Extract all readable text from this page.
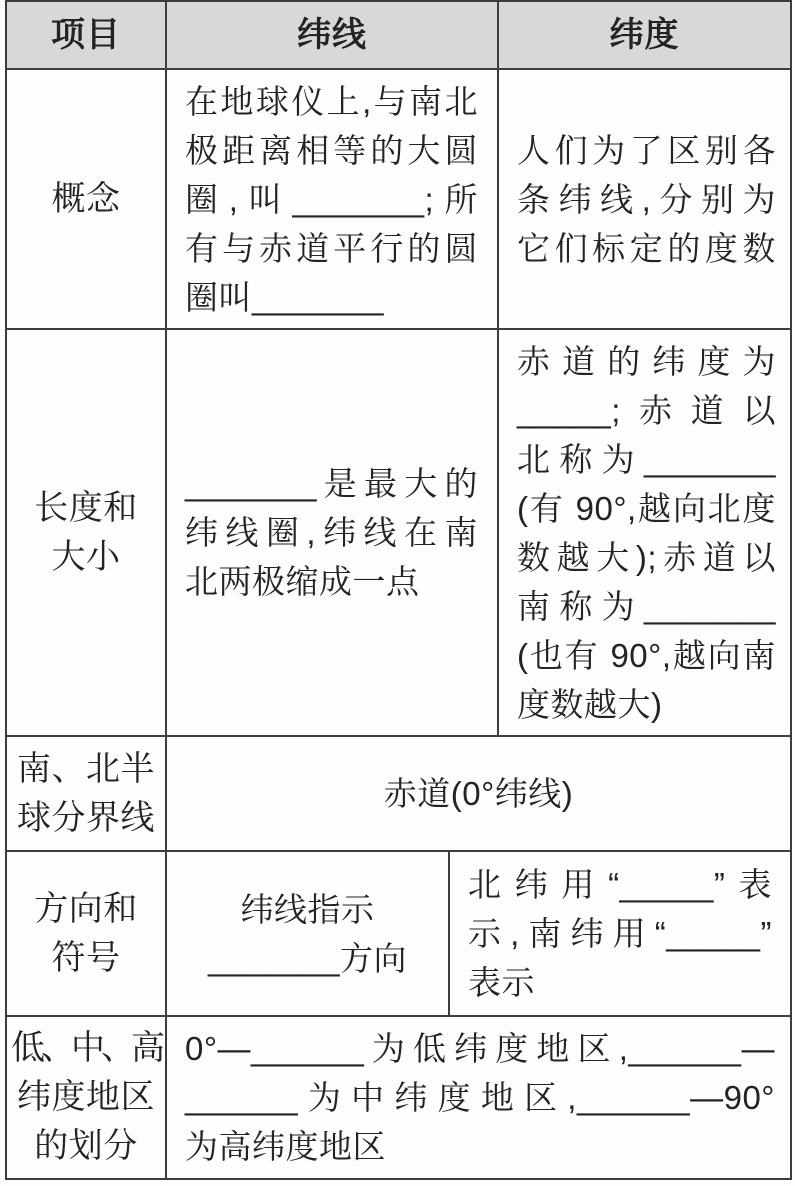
项目	纬线	纬度
概念
在地球仪上,与南北
极距离相等的大圆
圈,叫_______;所
有与赤道平行的圆
圈叫_______
人们为了区别各
条纬线,分别为
它们标定的度数
长度和
大小
_______是最大的
纬线圈,纬线在南
北两极缩成一点
赤道的纬度为
_____;赤道以
北称为_______
(有 90°,越向北度
数越大);赤道以
南称为_______
(也有 90°,越向南
度数越大)
南、北半
球分界线
赤道(0°纬线)
方向和
符号
纬线指示
_______方向
北纬用“_____”表
示,南纬用“_____”
表示
低、中、高
纬度地区
的划分
0°—______为低纬度地区,______—
______为中纬度地区,______—90°
为高纬度地区
